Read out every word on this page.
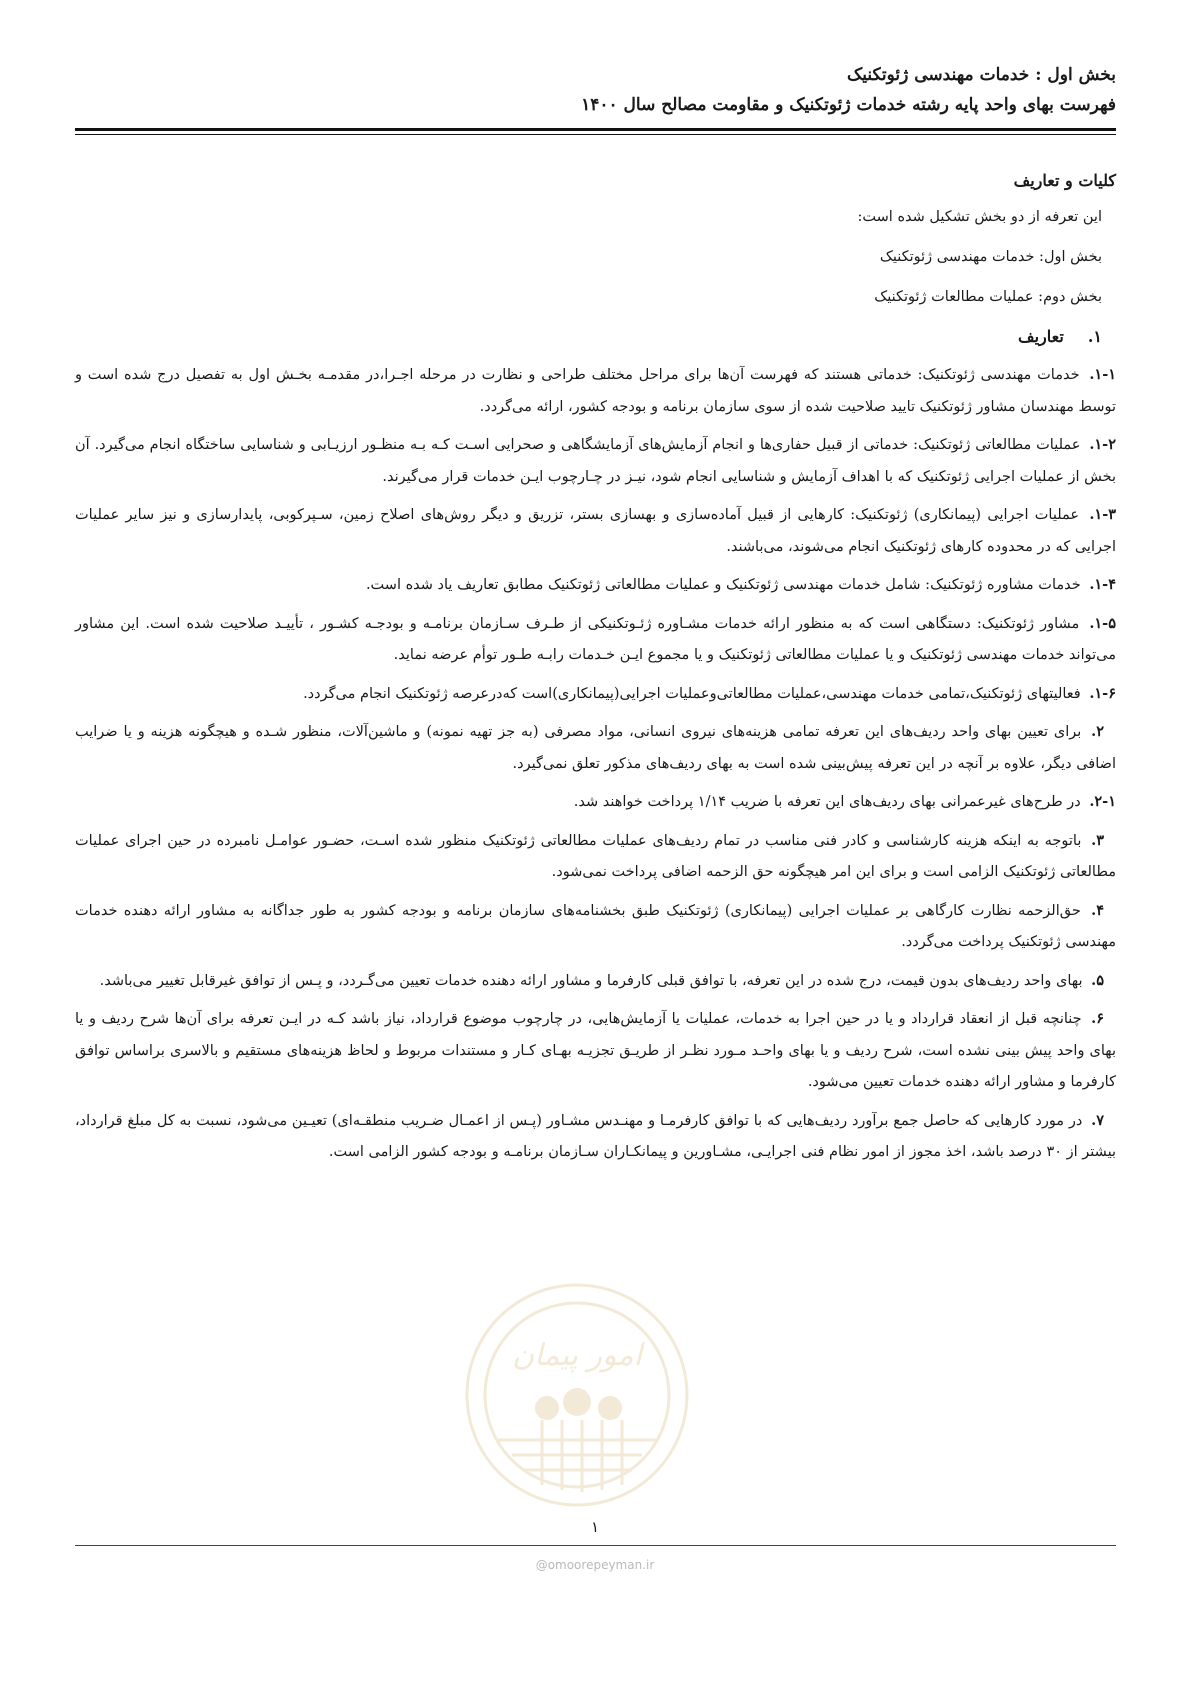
بخش اول : خدمات مهندسی ژئوتکنیک
فهرست بهای واحد پایه رشته خدمات ژئوتکنیک و مقاومت مصالح سال ۱۴۰۰

کلیات و تعاریف

این تعرفه از دو بخش تشکیل شده است:

بخش اول: خدمات مهندسی ژئوتکنیک

بخش دوم: عملیات مطالعات ژئوتکنیک

۱.تعاریف

۱-۱. خدمات مهندسی ژئوتکنیک: خدماتی هستند که فهرست آن‌ها برای مراحل مختلف طراحی و نظارت در مرحله اجـرا،در مقدمـه بخـش اول به تفصیل درج شده است و توسط مهندسان مشاور ژئوتکنیک تایید صلاحیت شده از سوی سازمان برنامه و بودجه کشور، ارائه می‌گردد.

۱-۲. عملیات مطالعاتی ژئوتکنیک: خدماتی از قبیل حفاری‌ها و انجام آزمایش‌های آزمایشگاهی و صحرایی اسـت کـه بـه منظـور ارزیـابی و شناسایی ساختگاه انجام می‌گیرد. آن بخش از عملیات اجرایی ژئوتکنیک که با اهداف آزمایش و شناسایی انجام شود، نیـز در چـارچوب ایـن خدمات قرار می‌گیرند.

۱-۳. عملیات اجرایی (پیمانکاری) ژئوتکنیک: کارهایی از قبیل آماده‌سازی و بهسازی بستر، تزریق و دیگر روش‌های اصلاح زمین، سـپرکوبی، پایدارسازی و نیز سایر عملیات اجرایی که در محدوده کارهای ژئوتکنیک انجام می‌شوند، می‌باشند.

۱-۴. خدمات مشاوره ژئوتکنیک: شامل خدمات مهندسی ژئوتکنیک و عملیات مطالعاتی ژئوتکنیک مطابق تعاریف یاد شده است.

۱-۵. مشاور ژئوتکنیک: دستگاهی است که به منظور ارائه خدمات مشـاوره ژئـوتکنیکی از طـرف سـازمان برنامـه و بودجـه کشـور ، تأییـد صلاحیت شده است. این مشاور می‌تواند خدمات مهندسی ژئوتکنیک و یا عملیات مطالعاتی ژئوتکنیک و یا مجموع ایـن خـدمات رابـه طـور توأم عرضه نماید.

۱-۶. فعالیتهای ژئوتکنیک،تمامی خدمات مهندسی،عملیات مطالعاتی‌وعملیات اجرایی(پیمانکاری)است که‌درعرصه ژئوتکنیک انجام می‌گردد.

۲. برای تعیین بهای واحد ردیف‌های این تعرفه تمامی هزینه‌های نیروی انسانی، مواد مصرفی (به جز تهیه نمونه) و ماشین‌آلات، منظور شـده و هیچگونه هزینه و یا ضرایب اضافی دیگر، علاوه بر آنچه در این تعرفه پیش‌بینی شده است به بهای ردیف‌های مذکور تعلق نمی‌گیرد.

۲-۱. در طرح‌های غیرعمرانی بهای ردیف‌های این تعرفه با ضریب ۱/۱۴ پرداخت خواهند شد.

۳. باتوجه به اینکه هزینه کارشناسی و کادر فنی مناسب در تمام ردیف‌های عملیات مطالعاتی ژئوتکنیک منظور شده اسـت، حضـور عوامـل نامبرده در حین اجرای عملیات مطالعاتی ژئوتکنیک الزامی است و برای این امر هیچگونه حق الزحمه اضافی پرداخت نمی‌شود.

۴. حق‌الزحمه نظارت کارگاهی بر عملیات اجرایی (پیمانکاری) ژئوتکنیک طبق بخشنامه‌های سازمان برنامه و بودجه کشور به طور جداگانه به مشاور ارائه دهنده خدمات مهندسی ژئوتکنیک پرداخت می‌گردد.

۵. بهای واحد ردیف‌های بدون قیمت، درج شده در این تعرفه، با توافق قبلی کارفرما و مشاور ارائه دهنده خدمات تعیین می‌گـردد، و پـس از توافق غیرقابل تغییر می‌باشد.

۶. چنانچه قبل از انعقاد قرارداد و یا در حین اجرا به خدمات، عملیات یا آزمایش‌هایی، در چارچوب موضوع قرارداد، نیاز باشد کـه در ایـن تعرفه برای آن‌ها شرح ردیف و یا بهای واحد پیش بینی نشده است، شرح ردیف و یا بهای واحـد مـورد نظـر از طریـق تجزیـه بهـای کـار و مستندات مربوط و لحاظ هزینه‌های مستقیم و بالاسری براساس توافق کارفرما و مشاور ارائه دهنده خدمات تعیین می‌شود.

۷. در مورد کارهایی که حاصل جمع برآورد ردیف‌هایی که با توافق کارفرمـا و مهنـدس مشـاور (پـس از اعمـال ضـریب منطقـه‌ای) تعیـین می‌شود، نسبت به کل مبلغ قرارداد، بیشتر از ۳۰ درصد باشد، اخذ مجوز از امور نظام فنی اجرایـی، مشـاورین و پیمانکـاران سـازمان برنامـه و بودجه کشور الزامی است.

امور پیمان
۱
@omoorepeyman.ir
